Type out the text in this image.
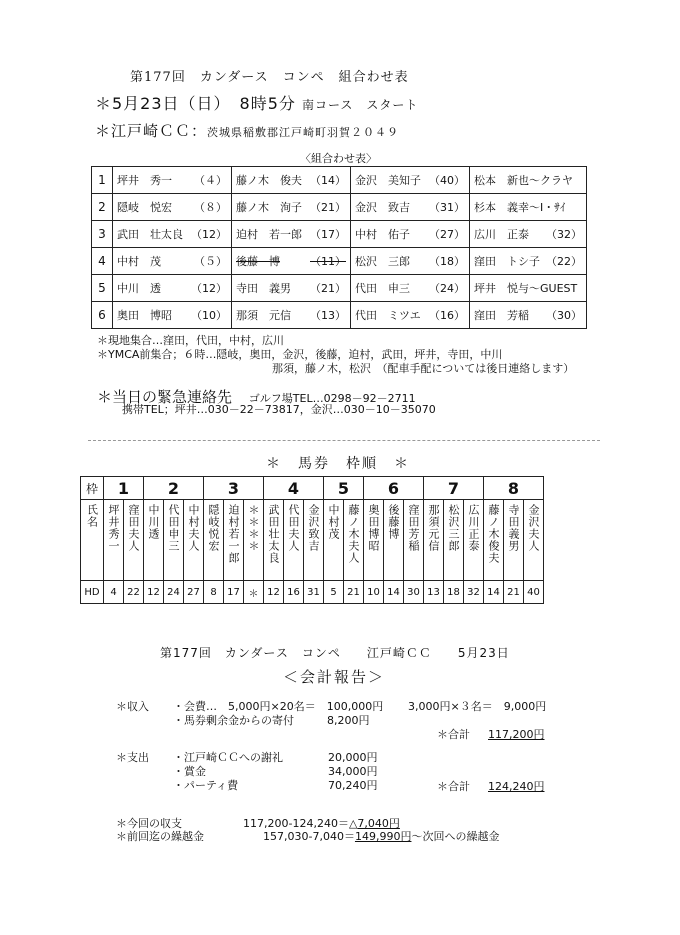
第177回　カンダース　コンペ　組合わせ表
＊5月23日（日）　8時5分 南コース　スタート
＊江戸崎ＣＣ：茨城県稲敷郡江戸崎町羽賀２０４９
〈組合わせ表〉
1	坪井　秀一 （４）	藤ノ木　俊夫 （14）	金沢　美知子 （40）	松本　新也～クラヤ

2	隠岐　悦宏 （８）	藤ノ木　洵子 （21）	金沢　致吉 （31）	杉本　義幸～I・ｻｲ

3	武田　壮太良 （12）	迫村　若一郎 （17）	中村　佑子 （27）	広川　正泰 （32）

4	中村　茂 （５）	後藤　博 （11）	松沢　三郎 （18）	窪田　トシ子 （22）

5	中川　透 （12）	寺田　義男 （21）	代田　申三 （24）	坪井　悦与～GUEST

6	奥田　博昭 （10）	那須　元信 （13）	代田　ミツエ （16）	窪田　芳稲 （30）
＊現地集合…窪田，代田，中村，広川
＊YMCA前集合；６時…隠岐，奥田，金沢，後藤，迫村，武田，坪井，寺田，中川
那須，藤ノ木，松沢　（配車手配については後日連絡します）
＊当日の緊急連絡先 ゴルフ場TEL…0298－92－2711
携帯TEL；坪井…030－22－73817，金沢…030－10－35070
＊　馬券　枠順　＊
枠	1		2			3			4			5		6			7			8		

氏名	坪井秀一	窪田夫人	中川透	代田申三	中村夫人	隠岐悦宏	迫村若一郎	＊＊＊＊	武田壮太良	代田夫人	金沢致吉	中村茂	藤ノ木夫人	奥田博昭	後藤博	窪田芳稲	那須元信	松沢三郎	広川正泰	藤ノ木俊夫	寺田義男	金沢夫人

HD	4	22	12	24	27	8	17	＊	12	16	31	5	21	10	14	30	13	18	32	14	21	40
第177回　カンダース　コンペ　　江戸崎ＣＣ　　5月23日
＜会計報告＞
＊収入 ・会費…　5,000円×20名＝　100,000円 3,000円×３名＝　9,000円
・馬券剰余金からの寄付　　　8,200円
＊合計 117,200円
＊支出 ・江戸崎ＣＣへの謝礼	20,000円
・賞金	34,000円
・パーティ費	70,240円	＊合計 124,240円
＊今回の収支	117,200-124,240＝△7,040円
＊前回迄の繰越金	157,030-7,040＝149,990円～次回への繰越金
